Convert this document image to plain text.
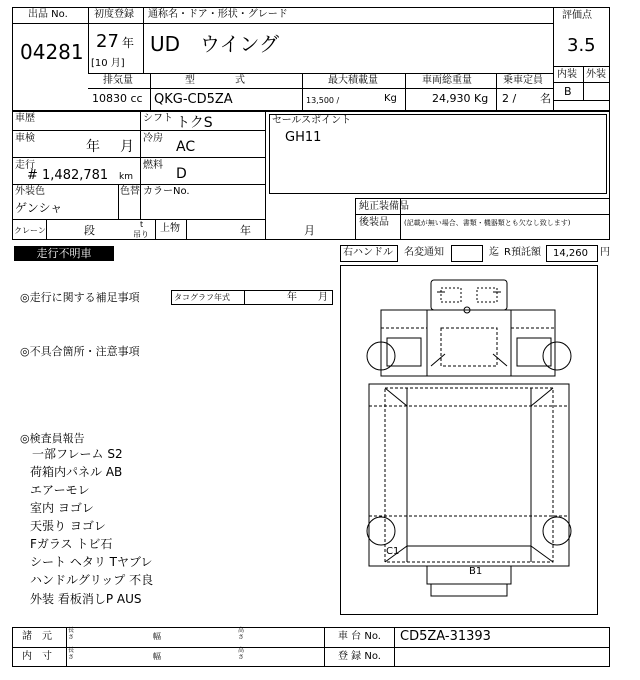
出品 No.
04281
初度登録
27 年
[10 月]
通称名・ドア・形状・グレード
UD　ウイング
評価点
3.5
内装 外装
B
排気量
10830 cc
型　　　　式
QKG-CD5ZA
最大積載量
13,500 /	Kg
車両総重量
24,930 Kg
乗車定員
2 / 名
車歴	シフト トクS
車検
年 月
冷房
AC
走行
# 1,482,781 km
燃料
D
外装色
ゲンシャ
色替 カラーNo.
セールスポイント
GH11
純正装備品
後装品 (記載が無い場合、書類・機器類とも欠なし致します)
クレーン	段	t
吊り
上物	年	月
走行不明車	右ハンドル 名変通知	迄 R預託額 14,260 円
◎走行に関する補足事項	タコグラフ年式	年 月
◎不具合箇所・注意事項
◎検査員報告
一部フレーム S2
荷箱内パネル AB
エアーモレ
室内 ヨゴレ
天張り ヨゴレ
Fガラス トビ石
シート ヘタリ Tヤブレ
ハンドルグリップ 不良
外装 看板消しP AUS
C1
B1
諸　元
内　寸
長さ	幅
高さ
長さ	幅
高さ
車 台 No. CD5ZA-31393
登 録 No.
